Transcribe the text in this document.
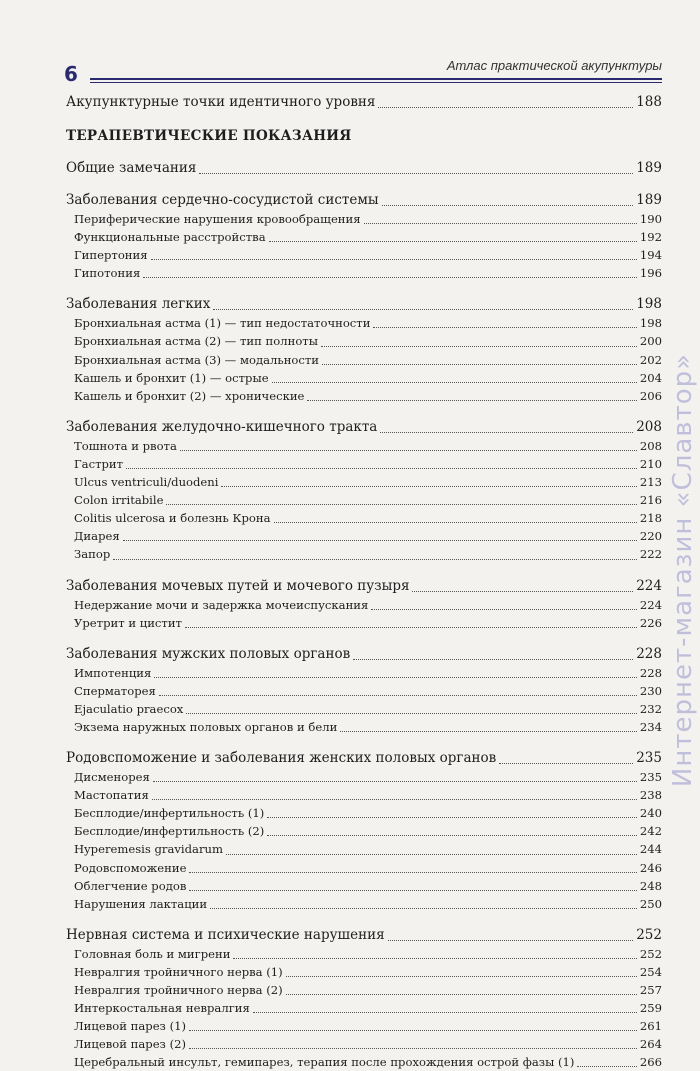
6	Атлас практической акупунктуры
Акупунктурные точки идентичного уровня	188
ТЕРАПЕВТИЧЕСКИЕ ПОКАЗАНИЯ
Общие замечания	189
Заболевания сердечно-сосудистой системы	189
Периферические нарушения кровообращения	190
Функциональные расстройства	192
Гипертония	194
Гипотония	196
Заболевания легких	198
Бронхиальная астма (1) — тип недостаточности	198
Бронхиальная астма (2) — тип полноты	200
Бронхиальная астма (3) — модальности	202
Кашель и бронхит (1) — острые	204
Кашель и бронхит (2) — хронические	206
Заболевания желудочно-кишечного тракта	208
Тошнота и рвота	208
Гастрит	210
Ulcus ventriculi/duodeni	213
Colon irritabile	216
Colitis ulcerosa и болезнь Крона	218
Диарея	220
Запор	222
Заболевания мочевых путей и мочевого пузыря	224
Недержание мочи и задержка мочеиспускания	224
Уретрит и цистит	226
Заболевания мужских половых органов	228
Импотенция	228
Сперматорея	230
Ejaculatio praecox	232
Экзема наружных половых органов и бели	234
Родовспоможение и заболевания женских половых органов	235
Дисменорея	235
Мастопатия	238
Бесплодие/инфертильность (1)	240
Бесплодие/инфертильность (2)	242
Hyperemesis gravidarum	244
Родовспоможение	246
Облегчение родов	248
Нарушения лактации	250
Нервная система и психические нарушения	252
Головная боль и мигрени	252
Невралгия тройничного нерва (1)	254
Невралгия тройничного нерва (2)	257
Интеркостальная невралгия	259
Лицевой парез (1)	261
Лицевой парез (2)	264
Церебральный инсульт, гемипарез, терапия после прохождения острой фазы (1)	266
Интернет-магазин «Славтор»
